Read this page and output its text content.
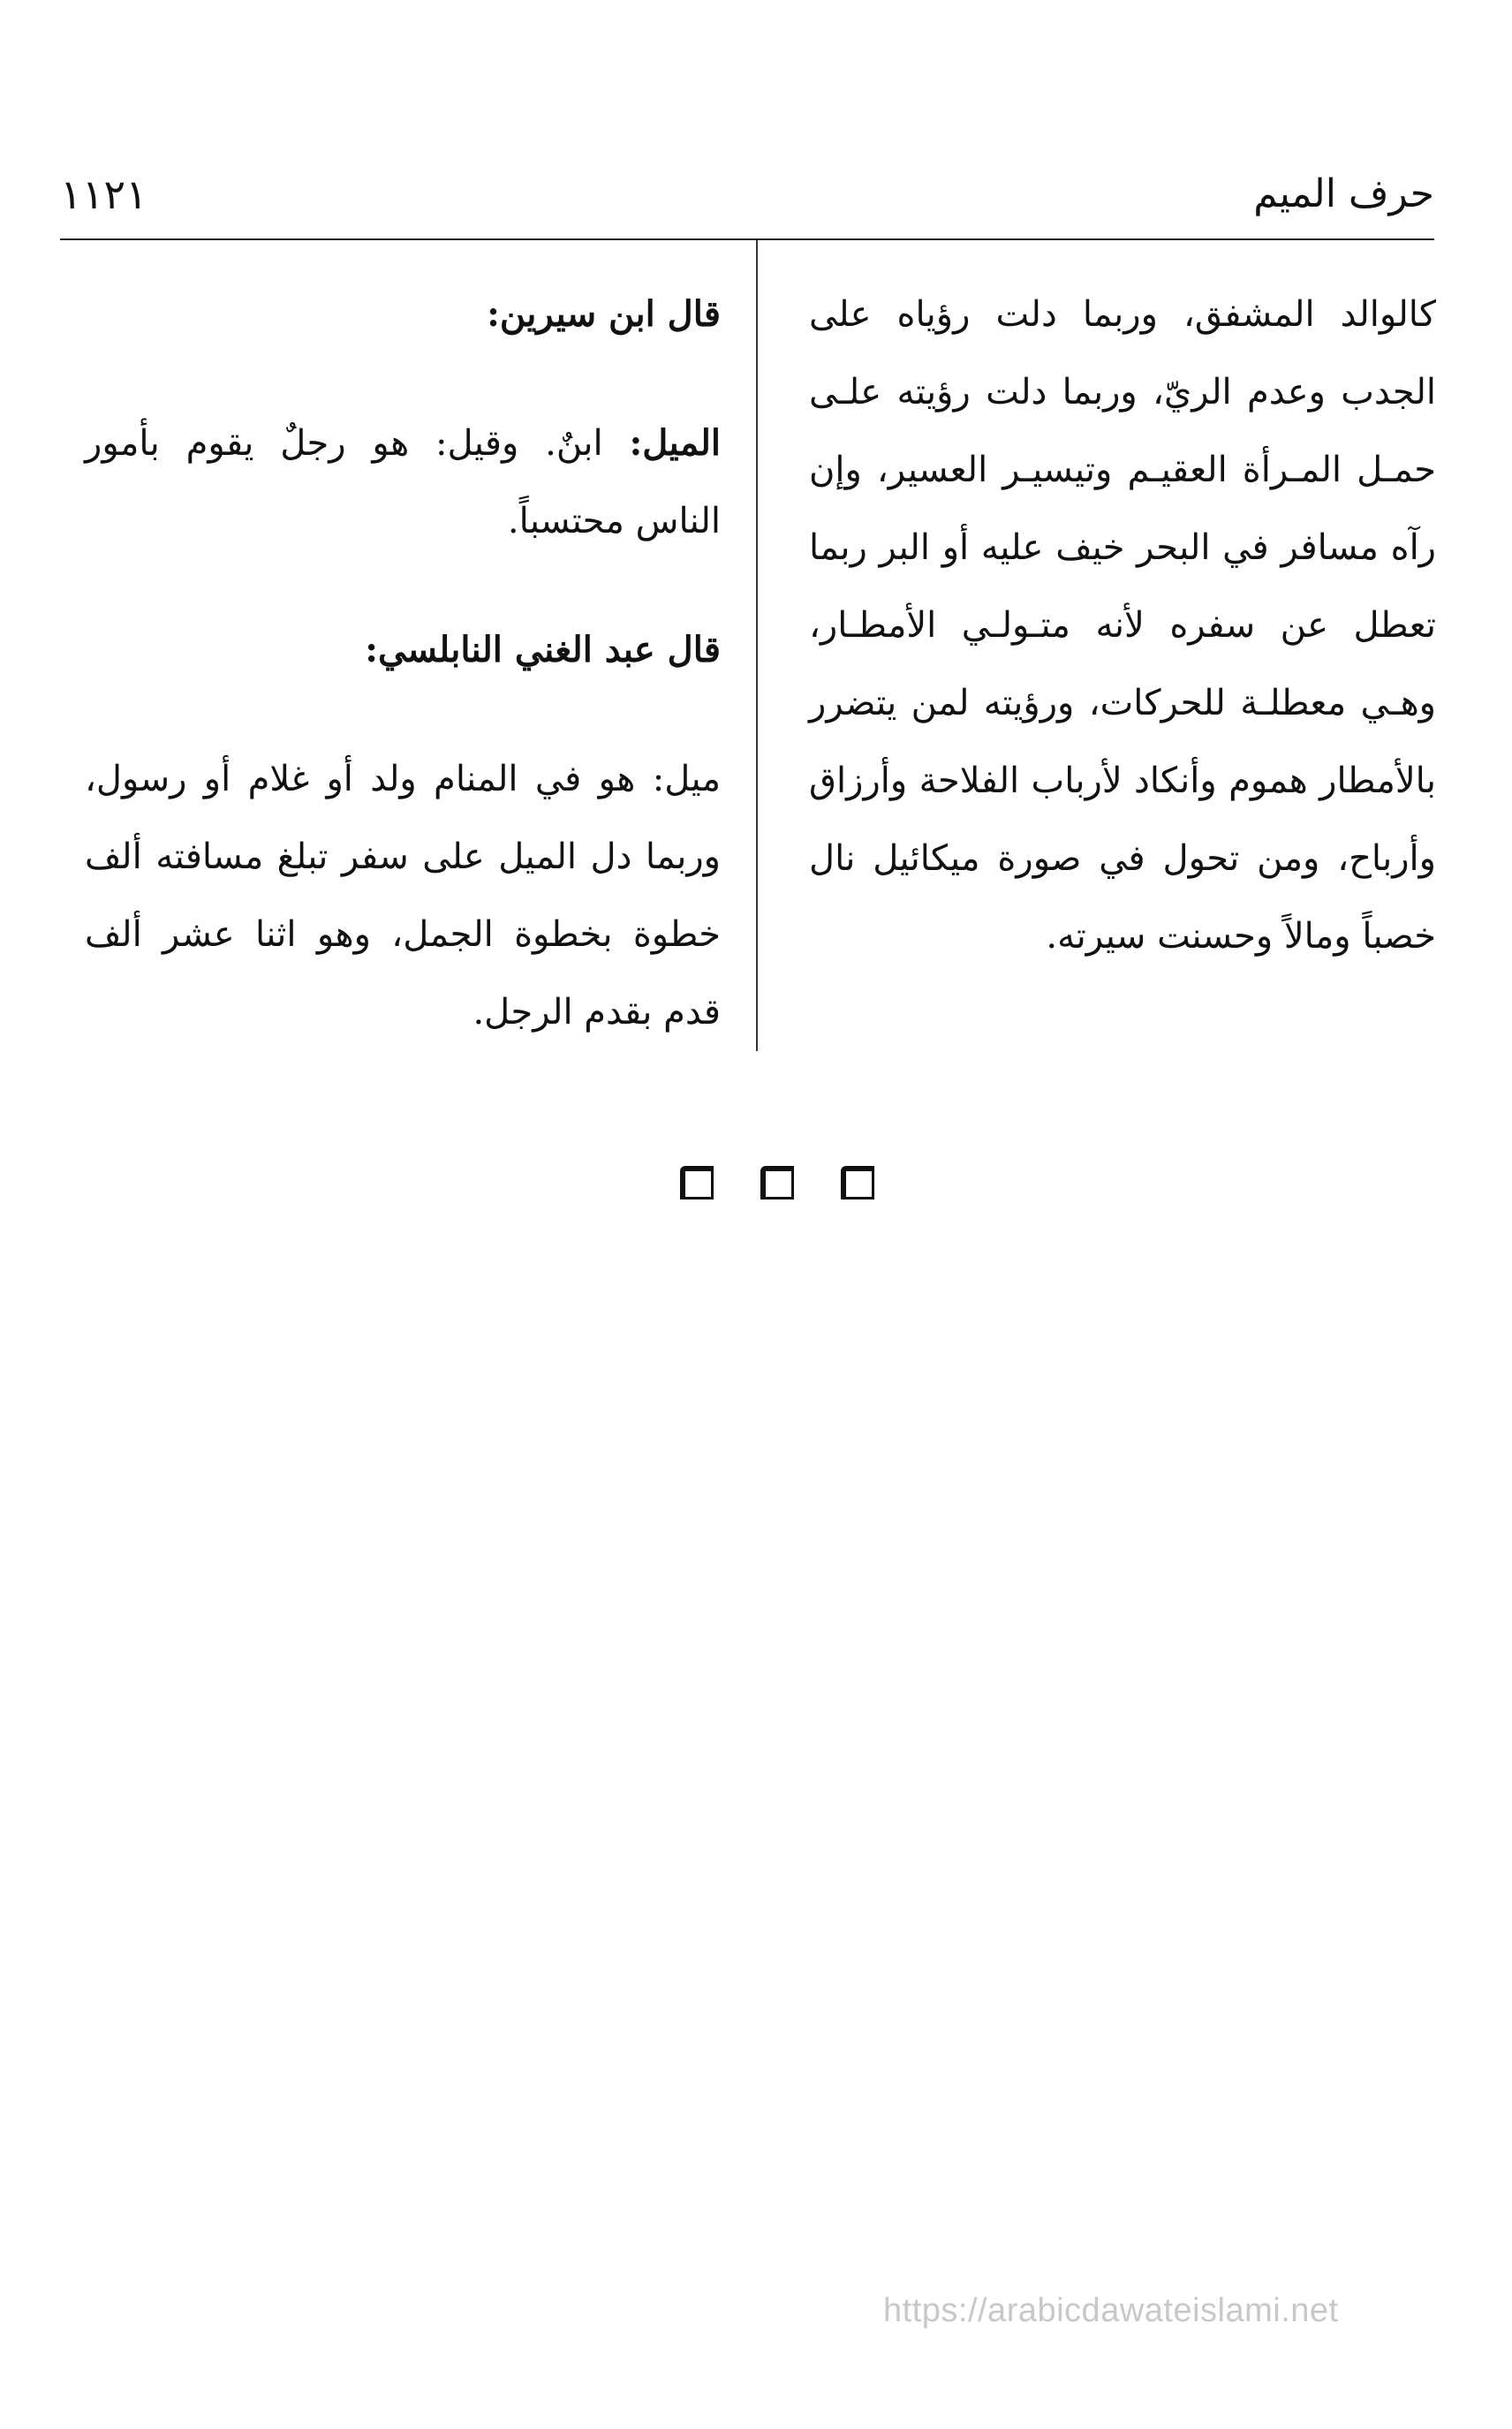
حرف الميم
١١٢١

كالوالد المشفق، وربما دلت رؤياه على الجدب وعدم الريّ، وربما دلت رؤيته علـى حمـل المـرأة العقيـم وتيسيـر العسير، وإن رآه مسافر في البحر خيف عليه أو البر ربما تعطل عن سفره لأنه متـولـي الأمطـار، وهـي معطلـة للحركات، ورؤيته لمن يتضرر بالأمطار هموم وأنكاد لأرباب الفلاحة وأرزاق وأرباح، ومن تحول في صورة ميكائيل نال خصباً ومالاً وحسنت سيرته.

قال ابن سيرين:

الميل: ابنٌ. وقيل: هو رجلٌ يقوم بأمور الناس محتسباً.

قال عبد الغني النابلسي:

ميل: هو في المنام ولد أو غلام أو رسول، وربما دل الميل على سفر تبلغ مسافته ألف خطوة بخطوة الجمل، وهو اثنا عشر ألف قدم بقدم الرجل.

https://arabicdawateislami.net
